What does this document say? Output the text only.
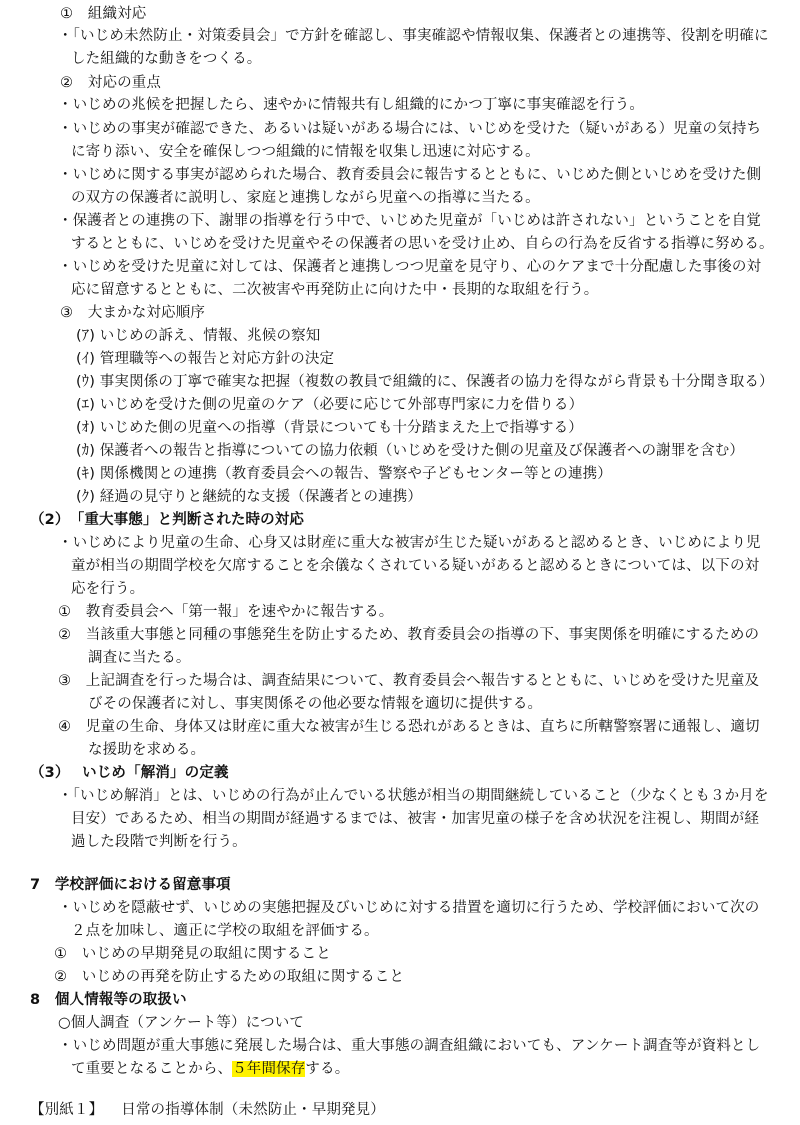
①　組織対応
・「いじめ未然防止・対策委員会」で方針を確認し、事実確認や情報収集、保護者との連携等、役割を明確に
した組織的な動きをつくる。
②　対応の重点
・いじめの兆候を把握したら、速やかに情報共有し組織的にかつ丁寧に事実確認を行う。
・いじめの事実が確認できた、あるいは疑いがある場合には、いじめを受けた（疑いがある）児童の気持ち
に寄り添い、安全を確保しつつ組織的に情報を収集し迅速に対応する。
・いじめに関する事実が認められた場合、教育委員会に報告するとともに、いじめた側といじめを受けた側
の双方の保護者に説明し、家庭と連携しながら児童への指導に当たる。
・保護者との連携の下、謝罪の指導を行う中で、いじめた児童が「いじめは許されない」ということを自覚
するとともに、いじめを受けた児童やその保護者の思いを受け止め、自らの行為を反省する指導に努める。
・いじめを受けた児童に対しては、保護者と連携しつつ児童を見守り、心のケアまで十分配慮した事後の対
応に留意するとともに、二次被害や再発防止に向けた中・長期的な取組を行う。
③　大まかな対応順序
(ｱ) いじめの訴え、情報、兆候の察知
(ｲ) 管理職等への報告と対応方針の決定
(ｳ) 事実関係の丁寧で確実な把握（複数の教員で組織的に、保護者の協力を得ながら背景も十分聞き取る）
(ｴ) いじめを受けた側の児童のケア（必要に応じて外部専門家に力を借りる）
(ｵ) いじめた側の児童への指導（背景についても十分踏まえた上で指導する）
(ｶ) 保護者への報告と指導についての協力依頼（いじめを受けた側の児童及び保護者への謝罪を含む）
(ｷ) 関係機関との連携（教育委員会への報告、警察や子どもセンター等との連携）
(ｸ) 経過の見守りと継続的な支援（保護者との連携）
（2）　「重大事態」と判断された時の対応
・いじめにより児童の生命、心身又は財産に重大な被害が生じた疑いがあると認めるとき、いじめにより児
童が相当の期間学校を欠席することを余儀なくされている疑いがあると認めるときについては、以下の対
応を行う。
①　教育委員会へ「第一報」を速やかに報告する。
②　当該重大事態と同種の事態発生を防止するため、教育委員会の指導の下、事実関係を明確にするための
調査に当たる。
③　上記調査を行った場合は、調査結果について、教育委員会へ報告するとともに、いじめを受けた児童及
びその保護者に対し、事実関係その他必要な情報を適切に提供する。
④　児童の生命、身体又は財産に重大な被害が生じる恐れがあるときは、直ちに所轄警察署に通報し、適切
な援助を求める。
（3）　 いじめ「解消」の定義
・「いじめ解消」とは、いじめの行為が止んでいる状態が相当の期間継続していること（少なくとも３か月を
目安）であるため、相当の期間が経過するまでは、被害・加害児童の様子を含め状況を注視し、期間が経
過した段階で判断を行う。
7　学校評価における留意事項
・いじめを隠蔽せず、いじめの実態把握及びいじめに対する措置を適切に行うため、学校評価において次の
２点を加味し、適正に学校の取組を評価する。
①　いじめの早期発見の取組に関すること
②　いじめの再発を防止するための取組に関すること
8　個人情報等の取扱い
○個人調査（アンケート等）について
・いじめ問題が重大事態に発展した場合は、重大事態の調査組織においても、アンケート調査等が資料とし
て重要となることから、５年間保存する。
【別紙１】 日常の指導体制（未然防止・早期発見）
